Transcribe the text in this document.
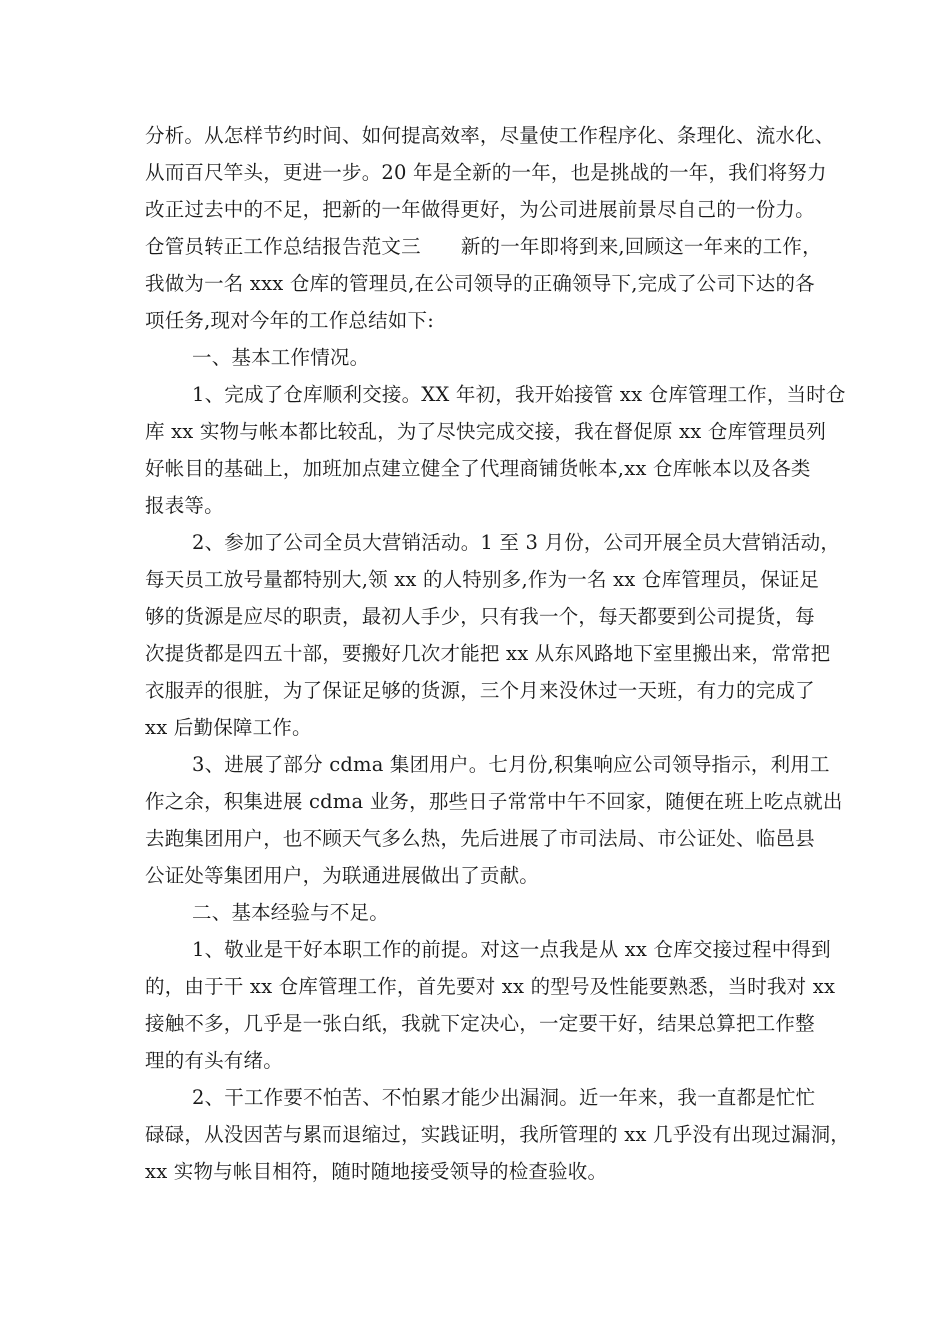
分析。从怎样节约时间、如何提高效率，尽量使工作程序化、条理化、流水化、
从而百尺竿头，更进一步。20 年是全新的一年，也是挑战的一年，我们将努力
改正过去中的不足，把新的一年做得更好，为公司进展前景尽自己的一份力。
仓管员转正工作总结报告范文三 新的一年即将到来,回顾这一年来的工作，
我做为一名 xxx 仓库的管理员,在公司领导的正确领导下,完成了公司下达的各
项任务,现对今年的工作总结如下:
一、基本工作情况。
1、完成了仓库顺利交接。XX 年初，我开始接管 xx 仓库管理工作，当时仓
库 xx 实物与帐本都比较乱，为了尽快完成交接，我在督促原 xx 仓库管理员列
好帐目的基础上，加班加点建立健全了代理商铺货帐本,xx 仓库帐本以及各类
报表等。
2、参加了公司全员大营销活动。1 至 3 月份，公司开展全员大营销活动，
每天员工放号量都特别大,领 xx 的人特别多,作为一名 xx 仓库管理员，保证足
够的货源是应尽的职责，最初人手少，只有我一个，每天都要到公司提货，每
次提货都是四五十部，要搬好几次才能把 xx 从东风路地下室里搬出来，常常把
衣服弄的很脏，为了保证足够的货源，三个月来没休过一天班，有力的完成了
xx 后勤保障工作。
3、进展了部分 cdma 集团用户。七月份,积集响应公司领导指示，利用工
作之余，积集进展 cdma 业务，那些日子常常中午不回家，随便在班上吃点就出
去跑集团用户，也不顾天气多么热，先后进展了市司法局、市公证处、临邑县
公证处等集团用户，为联通进展做出了贡献。
二、基本经验与不足。
1、敬业是干好本职工作的前提。对这一点我是从 xx 仓库交接过程中得到
的，由于干 xx 仓库管理工作，首先要对 xx 的型号及性能要熟悉，当时我对 xx
接触不多，几乎是一张白纸，我就下定决心，一定要干好，结果总算把工作整
理的有头有绪。
2、干工作要不怕苦、不怕累才能少出漏洞。近一年来，我一直都是忙忙
碌碌，从没因苦与累而退缩过，实践证明，我所管理的 xx 几乎没有出现过漏洞，
xx 实物与帐目相符，随时随地接受领导的检查验收。
